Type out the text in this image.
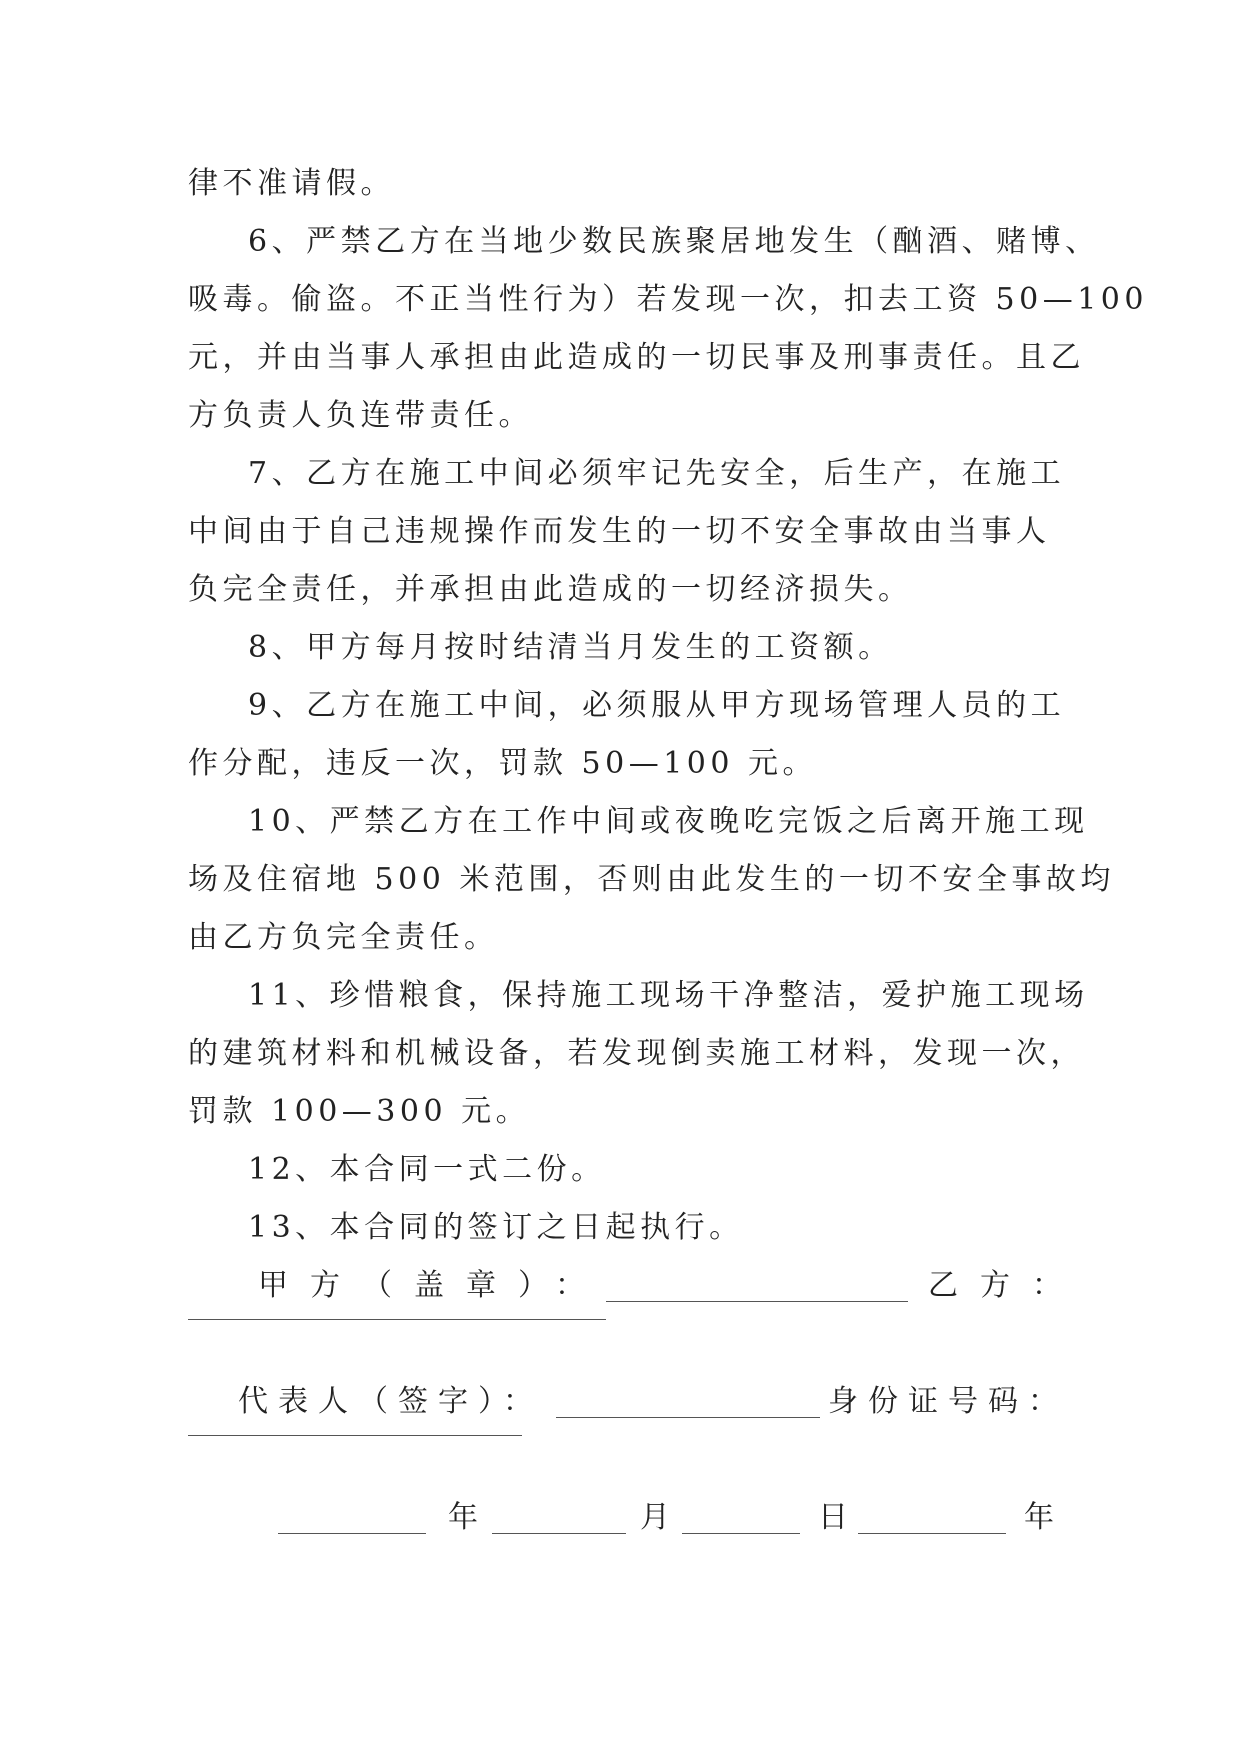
律不准请假。
6、严禁乙方在当地少数民族聚居地发生（酗酒、赌博、
吸毒。偷盗。不正当性行为）若发现一次，扣去工资 50—100
元，并由当事人承担由此造成的一切民事及刑事责任。且乙
方负责人负连带责任。
7、乙方在施工中间必须牢记先安全，后生产，在施工
中间由于自己违规操作而发生的一切不安全事故由当事人
负完全责任，并承担由此造成的一切经济损失。
8、甲方每月按时结清当月发生的工资额。
9、乙方在施工中间，必须服从甲方现场管理人员的工
作分配，违反一次，罚款 50—100 元。
10、严禁乙方在工作中间或夜晚吃完饭之后离开施工现
场及住宿地 500 米范围，否则由此发生的一切不安全事故均
由乙方负完全责任。
11、珍惜粮食，保持施工现场干净整洁，爱护施工现场
的建筑材料和机械设备，若发现倒卖施工材料，发现一次，
罚款 100—300 元。
12、本合同一式二份。
13、本合同的签订之日起执行。
甲方（盖章）：	乙方：
代表人（签字）：	身份证号码：
年	月	日	年
